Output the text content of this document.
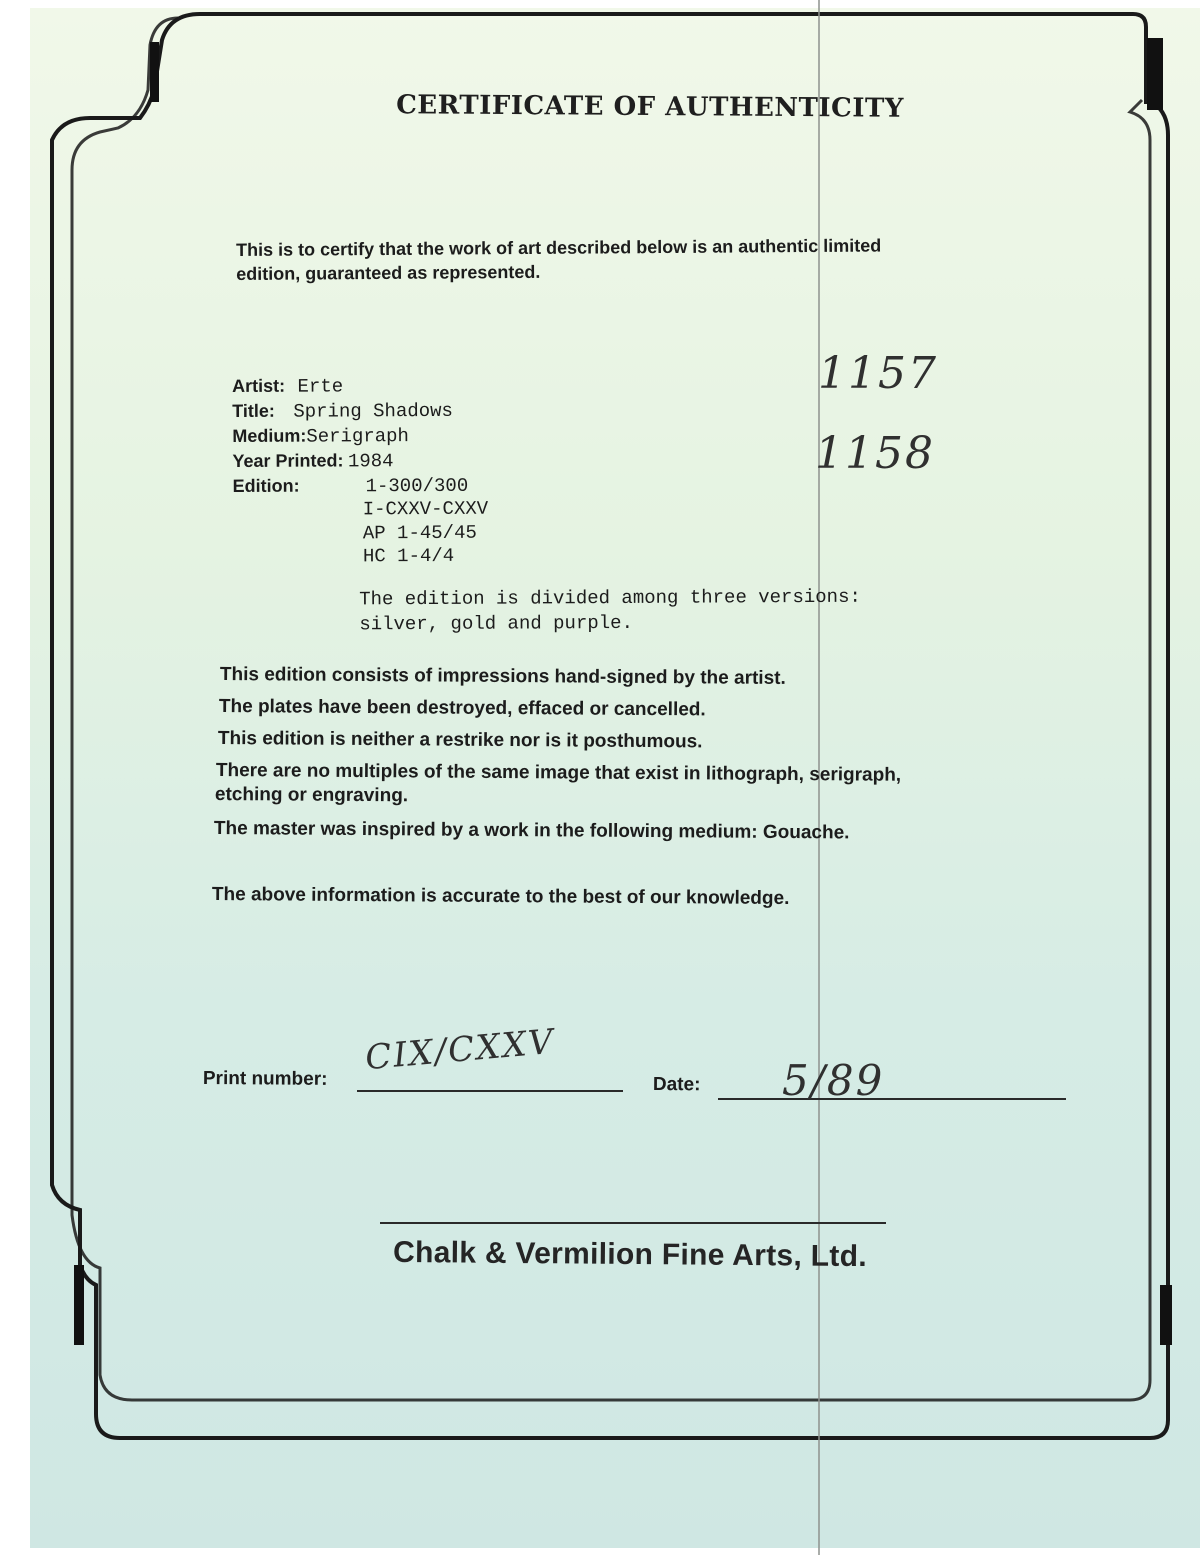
CERTIFICATE OF AUTHENTICITY
This is to certify that the work of art described below is an authentic limited
edition, guaranteed as represented.
1157
1158
Artist: Erte
Title: Spring Shadows
Medium:Serigraph
Year Printed: 1984
Edition:	1-300/300
I-CXXV-CXXV
AP 1-45/45
HC 1-4/4
The edition is divided among three versions:
silver, gold and purple.
This edition consists of impressions hand-signed by the artist.
The plates have been destroyed, effaced or cancelled.
This edition is neither a restrike nor is it posthumous.
There are no multiples of the same image that exist in lithograph, serigraph,
etching or engraving.
The master was inspired by a work in the following medium: Gouache.
The above information is accurate to the best of our knowledge.
Print number:
CIX/CXXV
Date: 5/89
Chalk & Vermilion Fine Arts, Ltd.
